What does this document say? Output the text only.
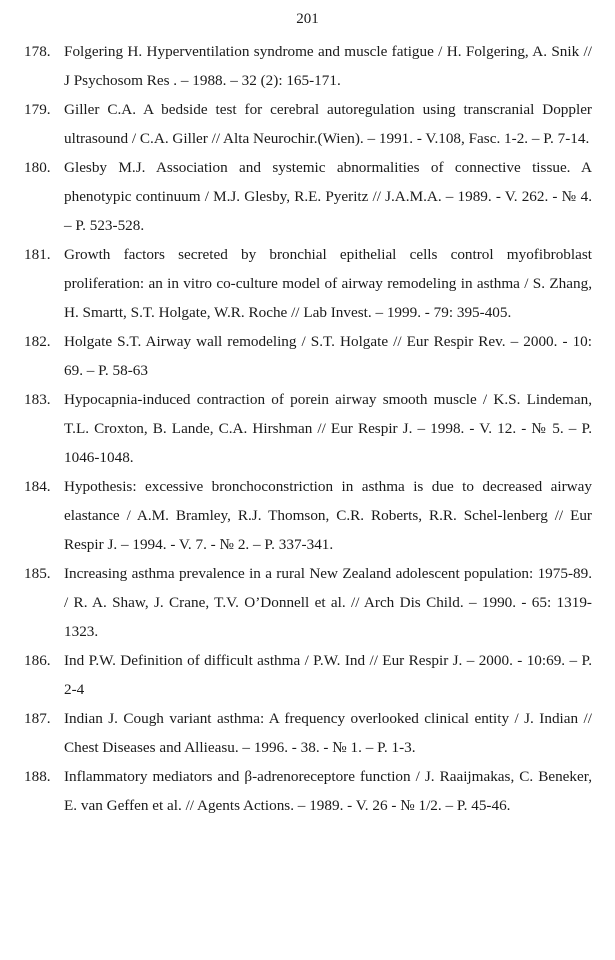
201
178. Folgering H. Hyperventilation syndrome and muscle fatigue / H. Folgering, A. Snik // J Psychosom Res . – 1988. – 32 (2): 165-171.
179. Giller C.A. A bedside test for cerebral autoregulation using transcranial Doppler ultrasound / C.A. Giller // Alta Neurochir.(Wien). – 1991. - V.108, Fasc. 1-2. – P. 7-14.
180. Glesby M.J. Association and systemic abnormalities of connective tissue. A phenotypic continuum / M.J. Glesby, R.E. Pyeritz // J.A.M.A. – 1989. - V. 262. - № 4. – P. 523-528.
181. Growth factors secreted by bronchial epithelial cells control myofibroblast proliferation: an in vitro co-culture model of airway remodeling in asthma / S. Zhang, H. Smartt, S.T. Holgate, W.R. Roche // Lab Invest. – 1999. - 79: 395-405.
182. Holgate S.T. Airway wall remodeling / S.T. Holgate // Eur Respir Rev. – 2000. - 10: 69. – P. 58-63
183. Hypocapnia-induced contraction of porein airway smooth muscle / K.S. Lindeman, T.L. Croxton, B. Lande, C.A. Hirshman // Eur Respir J. – 1998. - V. 12. - № 5. – P. 1046-1048.
184. Hypothesis: excessive bronchoconstriction in asthma is due to decreased airway elastance / A.M. Bramley, R.J. Thomson, C.R. Roberts, R.R. Schel-lenberg // Eur Respir J. – 1994. - V. 7. - № 2. – P. 337-341.
185. Increasing asthma prevalence in a rural New Zealand adolescent population: 1975-89. / R. A. Shaw, J. Crane, T.V. O’Donnell et al. // Arch Dis Child. – 1990. - 65: 1319-1323.
186. Ind P.W. Definition of difficult asthma / P.W. Ind // Eur Respir J. – 2000. - 10:69. – P. 2-4
187. Indian J. Cough variant asthma: A frequency overlooked clinical entity / J. Indian // Chest Diseases and Allieasu. – 1996. - 38. - № 1. – P. 1-3.
188. Inflammatory mediators and β-adrenoreceptore function / J. Raaijmakas, C. Beneker, E. van Geffen et al. // Agents Actions. – 1989. - V. 26 - № 1/2. – P. 45-46.
